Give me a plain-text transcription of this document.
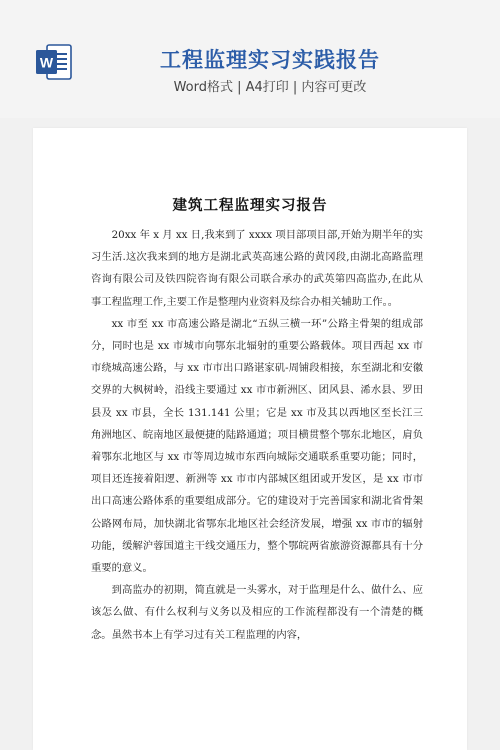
W	工程监理实习实践报告
Word格式 | A4打印 | 内容可更改
建筑工程监理实习报告

20xx 年 x 月 xx 日,我来到了 xxxx 项目部项目部,开始为期半年的实习生活.这次我来到的地方是湖北武英高速公路的黄冈段,由湖北高路监理咨询有限公司及铁四院咨询有限公司联合承办的武英第四高监办,在此从事工程监理工作,主要工作是整理内业资料及综合办相关辅助工作。。

xx 市至 xx 市高速公路是湖北“五纵三横一环”公路主骨架的组成部分，同时也是 xx 市城市向鄂东北辐射的重要公路载体。项目西起 xx 市市绕城高速公路，与 xx 市市出口路谌家矶-周铺段相接，东至湖北和安徽交界的大枫树岭，沿线主要通过 xx 市市新洲区、团风县、浠水县、罗田县及 xx 市县，全长 131.141 公里；它是 xx 市及其以西地区至长江三角洲地区、皖南地区最便捷的陆路通道；项目横贯整个鄂东北地区，肩负着鄂东北地区与 xx 市等周边城市东西向城际交通联系重要功能；同时，项目还连接着阳逻、新洲等 xx 市市内部城区组团或开发区，是 xx 市市出口高速公路体系的重要组成部分。它的建设对于完善国家和湖北省骨架公路网布局，加快湖北省鄂东北地区社会经济发展，增强 xx 市市的辐射功能，缓解沪蓉国道主干线交通压力，整个鄂皖两省旅游资源都具有十分重要的意义。

到高监办的初期，简直就是一头雾水，对于监理是什么、做什么、应该怎么做、有什么权利与义务以及相应的工作流程都没有一个清楚的概念。虽然书本上有学习过有关工程监理的内容，
